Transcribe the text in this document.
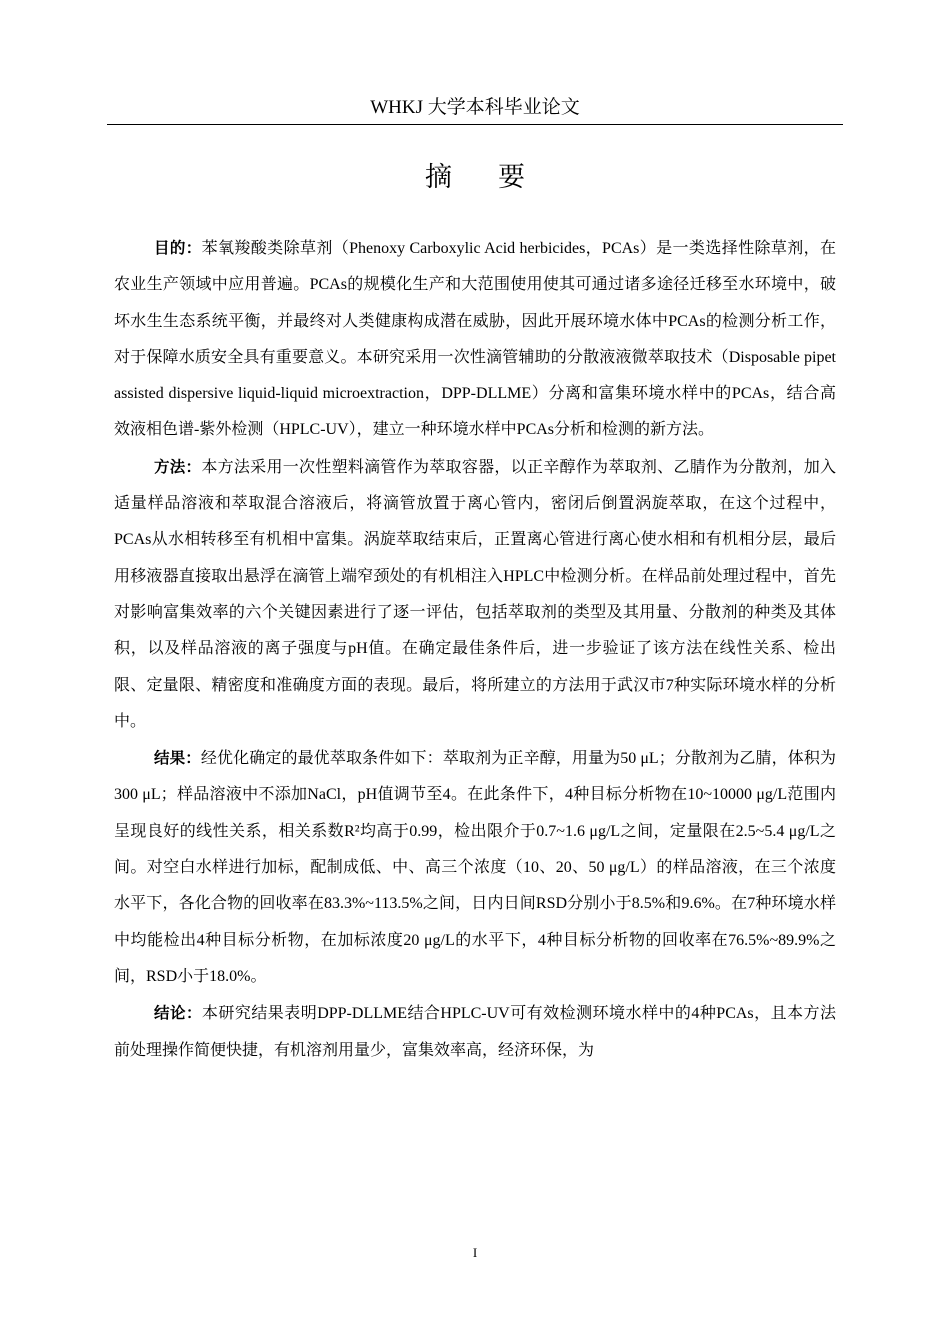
WHKJ 大学本科毕业论文
摘要

目的：苯氧羧酸类除草剂（Phenoxy Carboxylic Acid herbicides，PCAs）是一类选择性除草剂，在农业生产领域中应用普遍。PCAs的规模化生产和大范围使用使其可通过诸多途径迁移至水环境中，破坏水生生态系统平衡，并最终对人类健康构成潜在威胁，因此开展环境水体中PCAs的检测分析工作，对于保障水质安全具有重要意义。本研究采用一次性滴管辅助的分散液液微萃取技术（Disposable pipet assisted dispersive liquid-liquid microextraction，DPP-DLLME）分离和富集环境水样中的PCAs，结合高效液相色谱-紫外检测（HPLC-UV），建立一种环境水样中PCAs分析和检测的新方法。

方法：本方法采用一次性塑料滴管作为萃取容器，以正辛醇作为萃取剂、乙腈作为分散剂，加入适量样品溶液和萃取混合溶液后，将滴管放置于离心管内，密闭后倒置涡旋萃取，在这个过程中，PCAs从水相转移至有机相中富集。涡旋萃取结束后，正置离心管进行离心使水相和有机相分层，最后用移液器直接取出悬浮在滴管上端窄颈处的有机相注入HPLC中检测分析。在样品前处理过程中，首先对影响富集效率的六个关键因素进行了逐一评估，包括萃取剂的类型及其用量、分散剂的种类及其体积，以及样品溶液的离子强度与pH值。在确定最佳条件后，进一步验证了该方法在线性关系、检出限、定量限、精密度和准确度方面的表现。最后，将所建立的方法用于武汉市7种实际环境水样的分析中。

结果：经优化确定的最优萃取条件如下：萃取剂为正辛醇，用量为50 μL；分散剂为乙腈，体积为300 μL；样品溶液中不添加NaCl，pH值调节至4。在此条件下，4种目标分析物在10~10000 μg/L范围内呈现良好的线性关系，相关系数R²均高于0.99，检出限介于0.7~1.6 μg/L之间，定量限在2.5~5.4 μg/L之间。对空白水样进行加标，配制成低、中、高三个浓度（10、20、50 μg/L）的样品溶液，在三个浓度水平下，各化合物的回收率在83.3%~113.5%之间，日内日间RSD分别小于8.5%和9.6%。在7种环境水样中均能检出4种目标分析物，在加标浓度20 μg/L的水平下，4种目标分析物的回收率在76.5%~89.9%之间，RSD小于18.0%。

结论：本研究结果表明DPP-DLLME结合HPLC-UV可有效检测环境水样中的4种PCAs，且本方法前处理操作简便快捷，有机溶剂用量少，富集效率高，经济环保，为

I
